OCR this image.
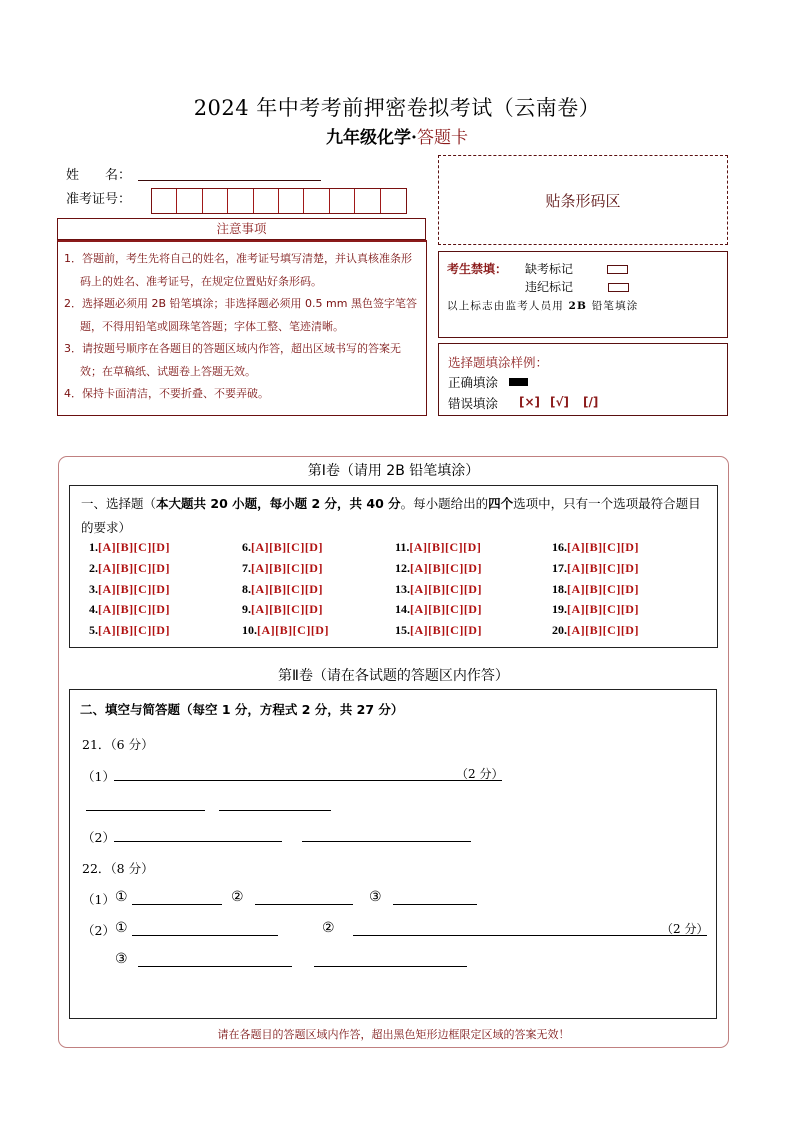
2024 年中考考前押密卷拟考试（云南卷）
九年级化学·答题卡
姓　　名：
准考证号：
注意事项
1．答题前，考生先将自己的姓名，准考证号填写清楚，并认真核准条形码上的姓名、准考证号，在规定位置贴好条形码。
2．选择题必须用 2B 铅笔填涂；非选择题必须用 0.5 mm 黑色签字笔答题，不得用铅笔或圆珠笔答题；字体工整、笔迹清晰。
3．请按题号顺序在各题目的答题区域内作答，超出区域书写的答案无效；在草稿纸、试题卷上答题无效。
4．保持卡面清洁，不要折叠、不要弄破。
贴条形码区
考生禁填： 缺考标记
违纪标记
以上标志由监考人员用 2B 铅笔填涂
选择题填涂样例：
正确填涂
错误填涂 [×] [√] [/]
第Ⅰ卷（请用 2B 铅笔填涂）
一、选择题（本大题共 20 小题，每小题 2 分，共 40 分。每小题给出的四个选项中，只有一个选项最符合题目的要求）
1.[A][B][C][D]
2.[A][B][C][D]
3.[A][B][C][D]
4.[A][B][C][D]
5.[A][B][C][D]
6.[A][B][C][D]
7.[A][B][C][D]
8.[A][B][C][D]
9.[A][B][C][D]
10.[A][B][C][D]
11.[A][B][C][D]
12.[A][B][C][D]
13.[A][B][C][D]
14.[A][B][C][D]
15.[A][B][C][D]
16.[A][B][C][D]
17.[A][B][C][D]
18.[A][B][C][D]
19.[A][B][C][D]
20.[A][B][C][D]
第Ⅱ卷（请在各试题的答题区内作答）
二、填空与简答题（每空 1 分，方程式 2 分，共 27 分）
21．（6 分）
（1）	（2 分）
（2）
22．（8 分）
（1） ①	②	③
（2） ①	②	（2 分）
③
请在各题目的答题区域内作答，超出黑色矩形边框限定区域的答案无效！
